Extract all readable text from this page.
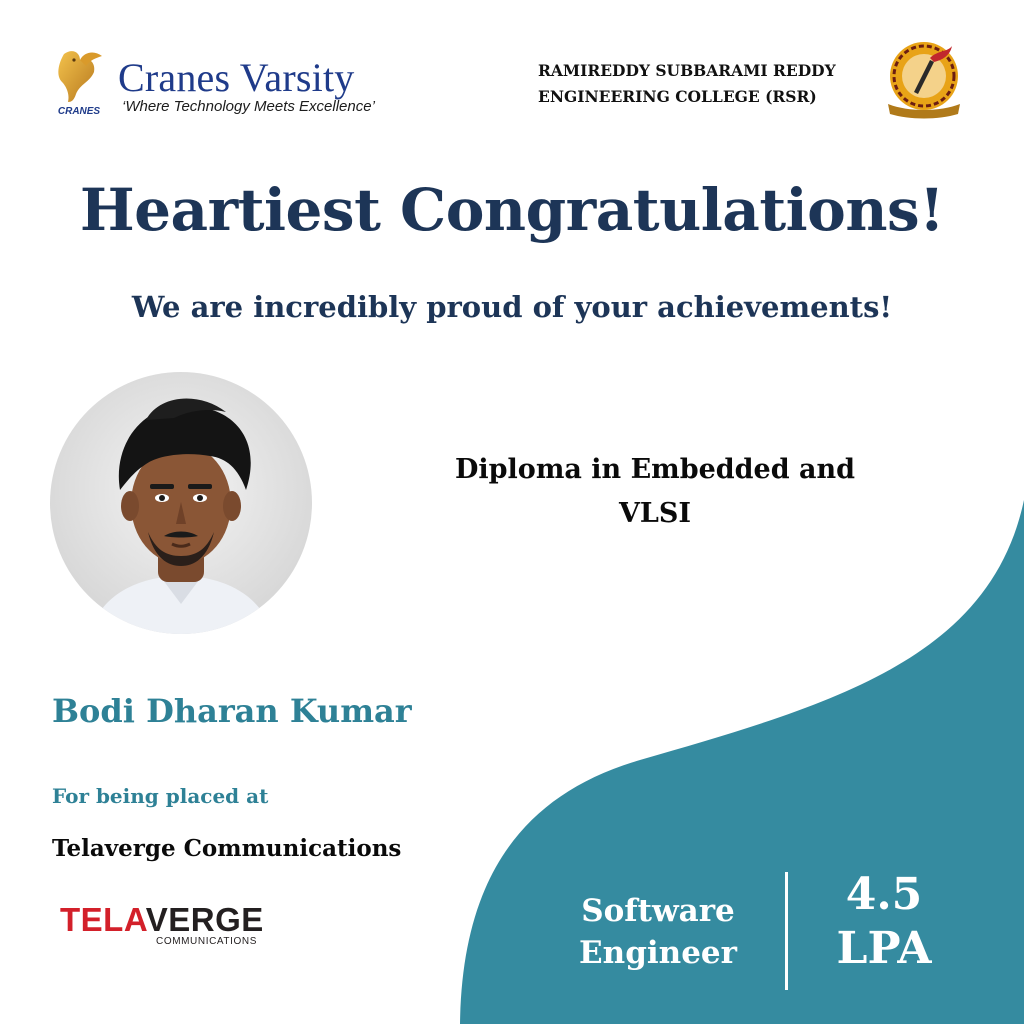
CRANES
Cranes Varsity
‘Where Technology Meets Excellence’
RAMIREDDY SUBBARAMI REDDY
ENGINEERING COLLEGE (RSR)
Heartiest Congratulations!
We are incredibly proud of your achievements!
Diploma in Embedded and
VLSI
Bodi Dharan Kumar
For being placed at
Telaverge Communications
TELAVERGE
COMMUNICATIONS
Software
Engineer
4.5
LPA
